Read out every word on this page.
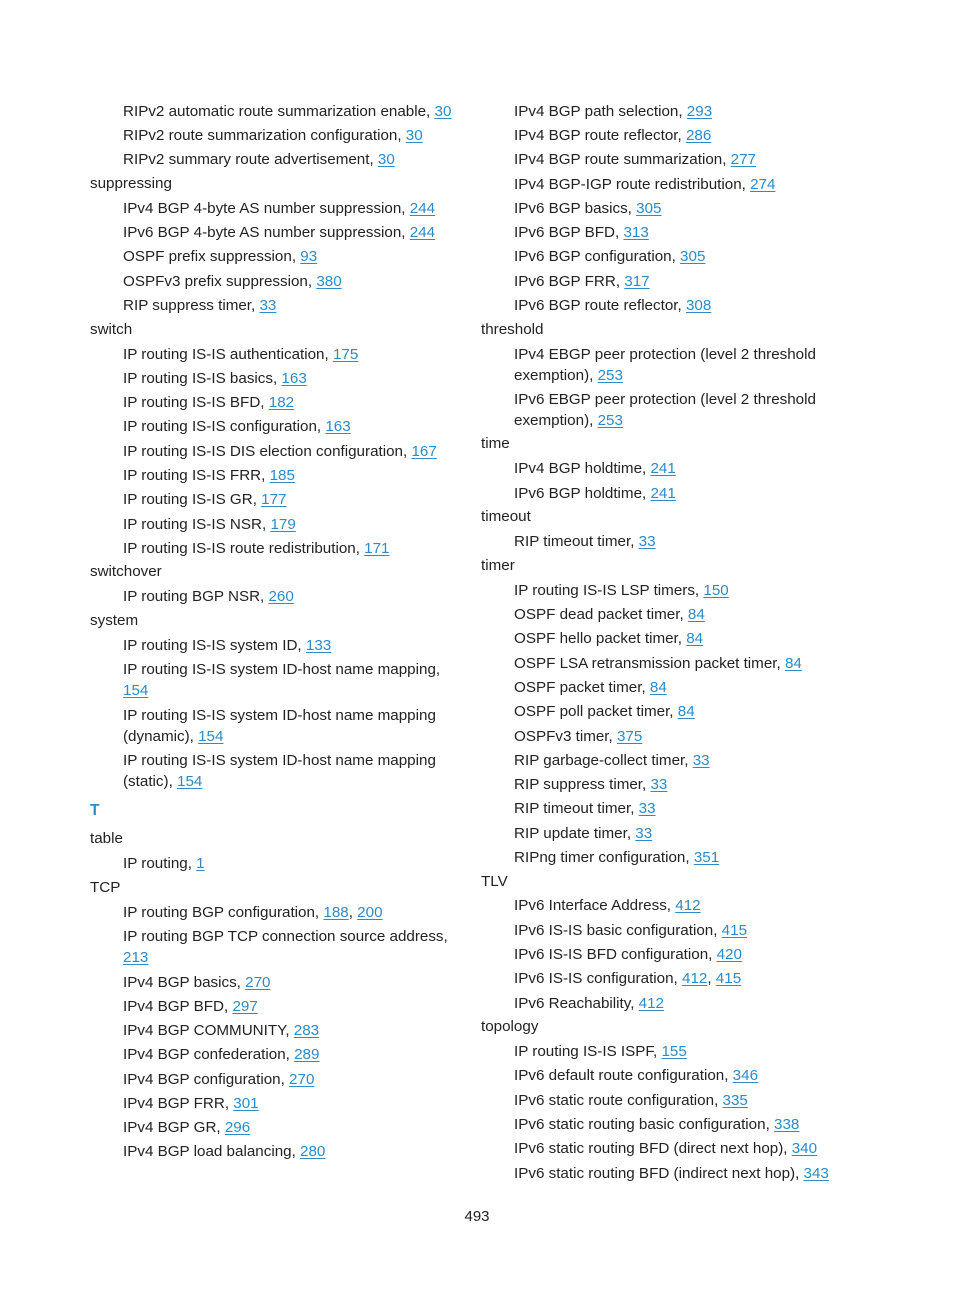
RIPv2 automatic route summarization enable, 30
RIPv2 route summarization configuration, 30
RIPv2 summary route advertisement, 30
suppressing
IPv4 BGP 4-byte AS number suppression, 244
IPv6 BGP 4-byte AS number suppression, 244
OSPF prefix suppression, 93
OSPFv3 prefix suppression, 380
RIP suppress timer, 33
switch
IP routing IS-IS authentication, 175
IP routing IS-IS basics, 163
IP routing IS-IS BFD, 182
IP routing IS-IS configuration, 163
IP routing IS-IS DIS election configuration, 167
IP routing IS-IS FRR, 185
IP routing IS-IS GR, 177
IP routing IS-IS NSR, 179
IP routing IS-IS route redistribution, 171
switchover
IP routing BGP NSR, 260
system
IP routing IS-IS system ID, 133
IP routing IS-IS system ID-host name mapping, 154
IP routing IS-IS system ID-host name mapping (dynamic), 154
IP routing IS-IS system ID-host name mapping (static), 154
T
table
IP routing, 1
TCP
IP routing BGP configuration, 188, 200
IP routing BGP TCP connection source address, 213
IPv4 BGP basics, 270
IPv4 BGP BFD, 297
IPv4 BGP COMMUNITY, 283
IPv4 BGP confederation, 289
IPv4 BGP configuration, 270
IPv4 BGP FRR, 301
IPv4 BGP GR, 296
IPv4 BGP load balancing, 280
IPv4 BGP path selection, 293
IPv4 BGP route reflector, 286
IPv4 BGP route summarization, 277
IPv4 BGP-IGP route redistribution, 274
IPv6 BGP basics, 305
IPv6 BGP BFD, 313
IPv6 BGP configuration, 305
IPv6 BGP FRR, 317
IPv6 BGP route reflector, 308
threshold
IPv4 EBGP peer protection (level 2 threshold exemption), 253
IPv6 EBGP peer protection (level 2 threshold exemption), 253
time
IPv4 BGP holdtime, 241
IPv6 BGP holdtime, 241
timeout
RIP timeout timer, 33
timer
IP routing IS-IS LSP timers, 150
OSPF dead packet timer, 84
OSPF hello packet timer, 84
OSPF LSA retransmission packet timer, 84
OSPF packet timer, 84
OSPF poll packet timer, 84
OSPFv3 timer, 375
RIP garbage-collect timer, 33
RIP suppress timer, 33
RIP timeout timer, 33
RIP update timer, 33
RIPng timer configuration, 351
TLV
IPv6 Interface Address, 412
IPv6 IS-IS basic configuration, 415
IPv6 IS-IS BFD configuration, 420
IPv6 IS-IS configuration, 412, 415
IPv6 Reachability, 412
topology
IP routing IS-IS ISPF, 155
IPv6 default route configuration, 346
IPv6 static route configuration, 335
IPv6 static routing basic configuration, 338
IPv6 static routing BFD (direct next hop), 340
IPv6 static routing BFD (indirect next hop), 343
493
